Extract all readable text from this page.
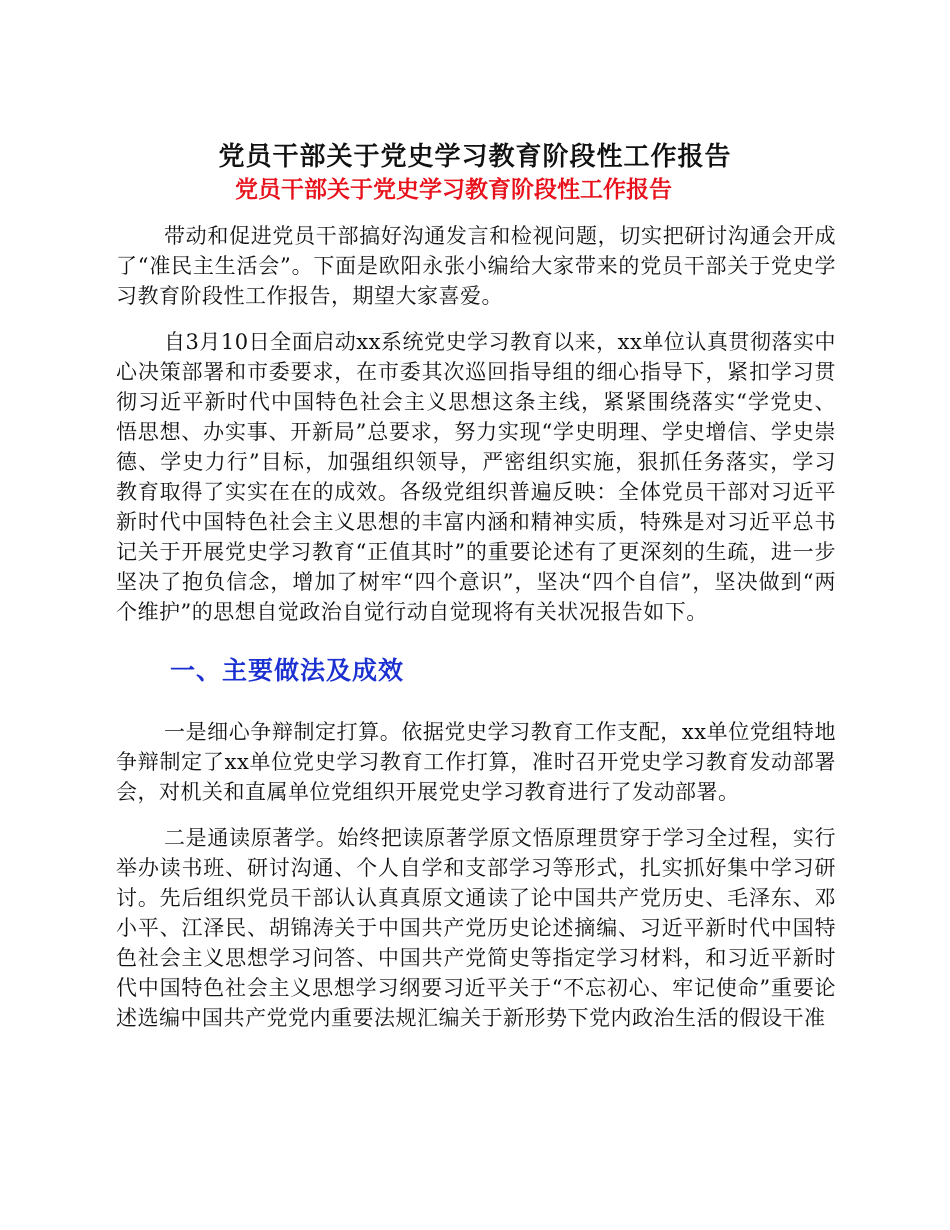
党员干部关于党史学习教育阶段性工作报告
党员干部关于党史学习教育阶段性工作报告

带动和促进党员干部搞好沟通发言和检视问题，切实把研讨沟通会开成了“准民主生活会”。下面是欧阳永张小编给大家带来的党员干部关于党史学习教育阶段性工作报告，期望大家喜爱。

自3月10日全面启动xx系统党史学习教育以来，xx单位认真贯彻落实中心决策部署和市委要求，在市委其次巡回指导组的细心指导下，紧扣学习贯彻习近平新时代中国特色社会主义思想这条主线，紧紧围绕落实“学党史、悟思想、办实事、开新局”总要求，努力实现“学史明理、学史增信、学史崇德、学史力行”目标，加强组织领导，严密组织实施，狠抓任务落实，学习教育取得了实实在在的成效。各级党组织普遍反映：全体党员干部对习近平新时代中国特色社会主义思想的丰富内涵和精神实质，特殊是对习近平总书记关于开展党史学习教育“正值其时”的重要论述有了更深刻的生疏，进一步坚决了抱负信念，增加了树牢“四个意识”，坚决“四个自信”，坚决做到“两个维护”的思想自觉政治自觉行动自觉现将有关状况报告如下。

一、主要做法及成效

一是细心争辩制定打算。依据党史学习教育工作支配，xx单位党组特地争辩制定了xx单位党史学习教育工作打算，准时召开党史学习教育发动部署会，对机关和直属单位党组织开展党史学习教育进行了发动部署。

二是通读原著学。始终把读原著学原文悟原理贯穿于学习全过程，实行举办读书班、研讨沟通、个人自学和支部学习等形式，扎实抓好集中学习研讨。先后组织党员干部认认真真原文通读了论中国共产党历史、毛泽东、邓小平、江泽民、胡锦涛关于中国共产党历史论述摘编、习近平新时代中国特色社会主义思想学习问答、中国共产党简史等指定学习材料，和习近平新时代中国特色社会主义思想学习纲要习近平关于“不忘初心、牢记使命”重要论述选编中国共产党党内重要法规汇编关于新形势下党内政治生活的假设干准
